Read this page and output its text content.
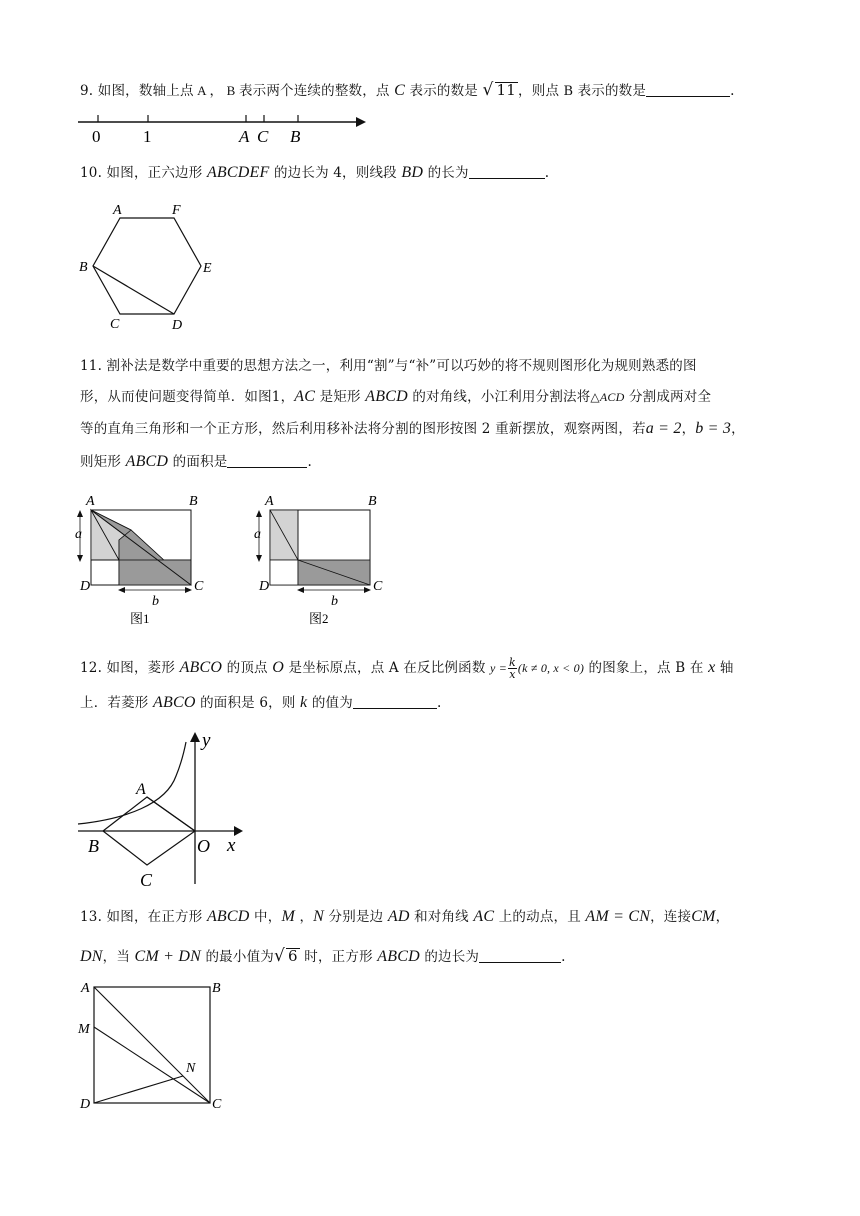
9. 如图，数轴上点 A ， B 表示两个连续的整数，点 C 表示的数是 √ 11 ，则点 B 表示的数是	.
0	1	A C B
10. 如图，正六边形 ABCDEF 的边长为 4，则线段 BD 的长为	.
A	F
B	E
C	D
11. 割补法是数学中重要的思想方法之一，利用“割”与“补”可以巧妙的将不规则图形化为规则熟悉的图
形，从而使问题变得简单．如图1，AC 是矩形 ABCD 的对角线，小江利用分割法将△ACD 分割成两对全
等的直角三角形和一个正方形，然后利用移补法将分割的图形按图 2 重新摆放，观察两图，若a = 2，b = 3，
则矩形 ABCD 的面积是	.
A	B
C
D
a
b
图1
A	B
C
D
a
b
图2
12. 如图，菱形 ABCO 的顶点 O 是坐标原点，点 A 在反比例函数 $y = \frac{k}{x} (k \ne 0$, x < 0) 的图象上，点 B 在 x 轴
上．若菱形 ABCO 的面积是 6，则 k 的值为	.
y
A
B	O x
C
13. 如图，在正方形 ABCD 中，M ，N 分别是边 AD 和对角线 AC 上的动点，且 AM = CN，连接CM，
DN，当 CM + DN 的最小值为√ 6 时，正方形 ABCD 的边长为	.
A	B
M
N
D	C
